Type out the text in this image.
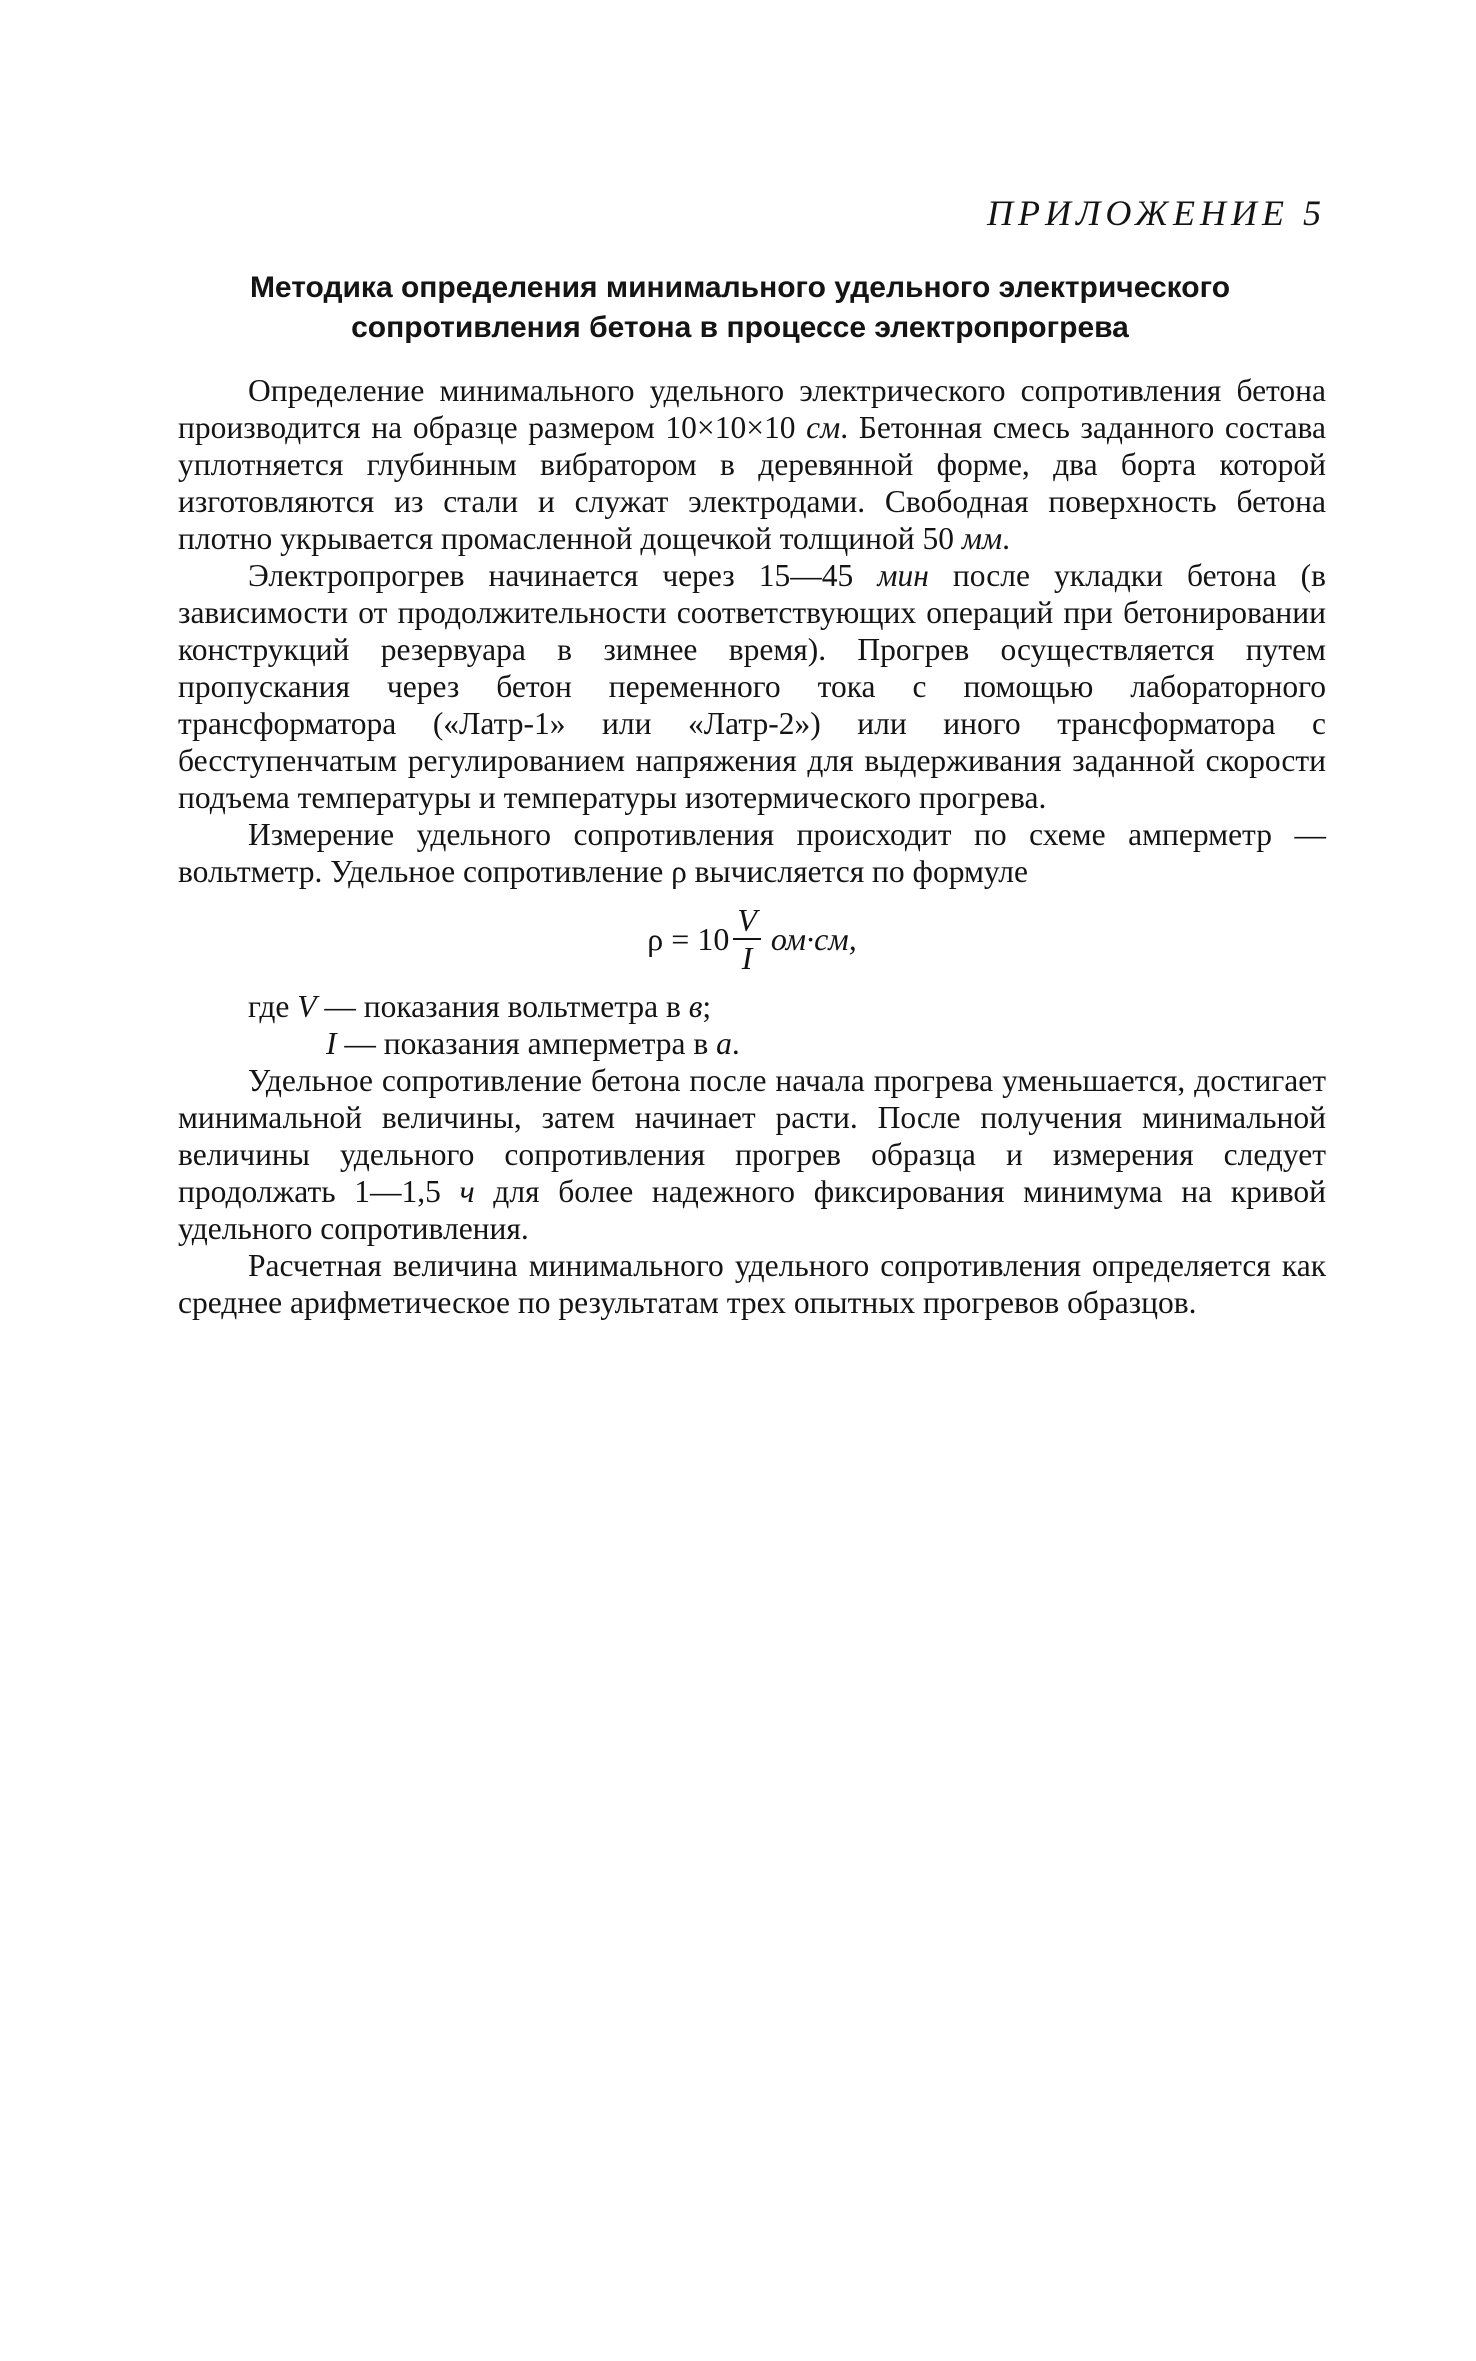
ПРИЛОЖЕНИЕ 5
Методика определения минимального удельного электрического
сопротивления бетона в процессе электропрогрева

Определение минимального удельного электрического сопротивления бетона производится на образце размером 10×10×10 см. Бетонная смесь заданного состава уплотняется глубинным вибратором в деревянной форме, два борта которой изготовляются из стали и служат электродами. Свободная поверхность бетона плотно укрывается промасленной дощечкой толщиной 50 мм.

Электропрогрев начинается через 15—45 мин после укладки бетона (в зависимости от продолжительности соответствующих операций при бетонировании конструкций резервуара в зимнее время). Прогрев осуществляется путем пропускания через бетон переменного тока с помощью лабораторного трансформатора («Латр-1» или «Латр-2») или иного трансформатора с бесступенчатым регулированием напряжения для выдерживания заданной скорости подъема температуры и температуры изотермического прогрева.

Измерение удельного сопротивления происходит по схеме амперметр — вольтметр. Удельное сопротивление ρ вычисляется по формуле

$\rho = 10 \frac{V}{I} ом\cdot см$,

где V — показания вольтметра в в;

I — показания амперметра в а.

Удельное сопротивление бетона после начала прогрева уменьшается, достигает минимальной величины, затем начинает расти. После получения минимальной величины удельного сопротивления прогрев образца и измерения следует продолжать 1—1,5 ч для более надежного фиксирования минимума на кривой удельного сопротивления.

Расчетная величина минимального удельного сопротивления определяется как среднее арифметическое по результатам трех опытных прогревов образцов.
